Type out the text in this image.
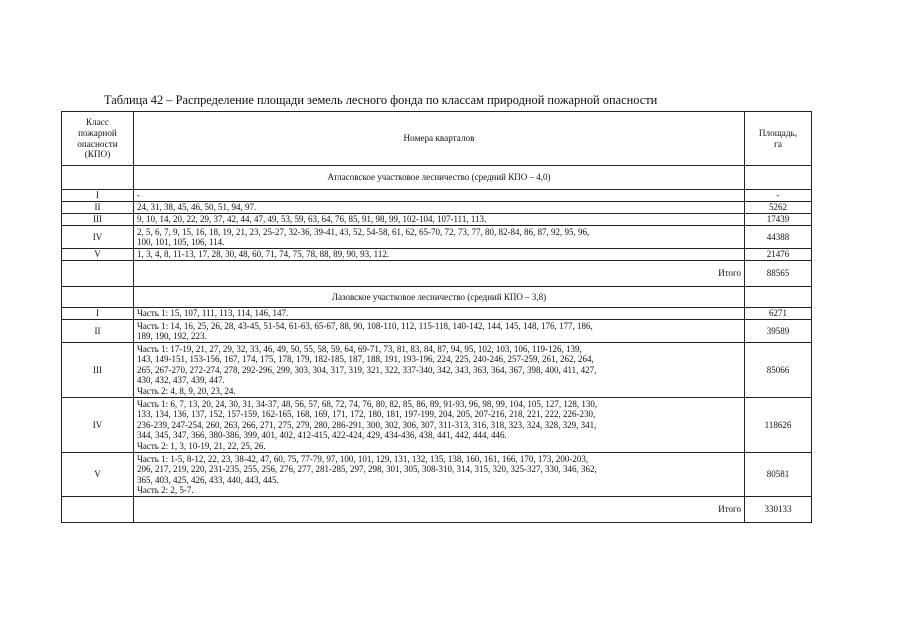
Таблица 42 – Распределение площади земель лесного фонда по классам природной пожарной опасности
Класс
пожарной
опасности
(КПО)	Номера кварталов	Площадь,
га

	Атласовское участковое лесничество (средний КПО – 4,0)	
I	-	-
II	24, 31, 38, 45, 46, 50, 51, 94, 97.	5262
III	9, 10, 14, 20, 22, 29, 37, 42, 44, 47, 49, 53, 59, 63, 64, 76, 85, 91, 98, 99, 102-104, 107-111, 113.	17439
IV	2, 5, 6, 7, 9, 15, 16, 18, 19, 21, 23, 25-27, 32-36, 39-41, 43, 52, 54-58, 61, 62, 65-70, 72, 73, 77, 80, 82-84, 86, 87, 92, 95, 96,
100, 101, 105, 106, 114.	44388
V	1, 3, 4, 8, 11-13, 17, 28, 30, 48, 60, 71, 74, 75, 78, 88, 89, 90, 93, 112.	21476
	Итого	88565
	Лазовское участковое лесничество (средний КПО – 3,8)	
I	Часть 1: 15, 107, 111, 113, 114, 146, 147.	6271
II	Часть 1: 14, 16, 25, 26, 28, 43-45, 51-54, 61-63, 65-67, 88, 90, 108-110, 112, 115-118, 140-142, 144, 145, 148, 176, 177, 186,
189, 190, 192, 223.	39589
III	Часть 1: 17-19, 21, 27, 29, 32, 33, 46, 49, 50, 55, 58, 59, 64, 69-71, 73, 81, 83, 84, 87, 94, 95, 102, 103, 106, 119-126, 139,
143, 149-151, 153-156, 167, 174, 175, 178, 179, 182-185, 187, 188, 191, 193-196, 224, 225, 240-246, 257-259, 261, 262, 264,
265, 267-270, 272-274, 278, 292-296, 299, 303, 304, 317, 319, 321, 322, 337-340, 342, 343, 363, 364, 367, 398, 400, 411, 427,
430, 432, 437, 439, 447.
Часть 2: 4, 8, 9, 20, 23, 24.	85066
IV	Часть 1: 6, 7, 13, 20, 24, 30, 31, 34-37, 48, 56, 57, 68, 72, 74, 76, 80, 82, 85, 86, 89, 91-93, 96, 98, 99, 104, 105, 127, 128, 130,
133, 134, 136, 137, 152, 157-159, 162-165, 168, 169, 171, 172, 180, 181, 197-199, 204, 205, 207-216, 218, 221, 222, 226-230,
236-239, 247-254, 260, 263, 266, 271, 275, 279, 280, 286-291, 300, 302, 306, 307, 311-313, 316, 318, 323, 324, 328, 329, 341,
344, 345, 347, 366, 380-386, 399, 401, 402, 412-415, 422-424, 429, 434-436, 438, 441, 442, 444, 446.
Часть 2: 1, 3, 10-19, 21, 22, 25, 26.	118626
V	Часть 1: 1-5, 8-12, 22, 23, 38-42, 47, 60, 75, 77-79, 97, 100, 101, 129, 131, 132, 135, 138, 160, 161, 166, 170, 173, 200-203,
206, 217, 219, 220, 231-235, 255, 256, 276, 277, 281-285, 297, 298, 301, 305, 308-310, 314, 315, 320, 325-327, 330, 346, 362,
365, 403, 425, 426, 433, 440, 443, 445.
Часть 2: 2, 5-7.	80581
	Итого	330133
